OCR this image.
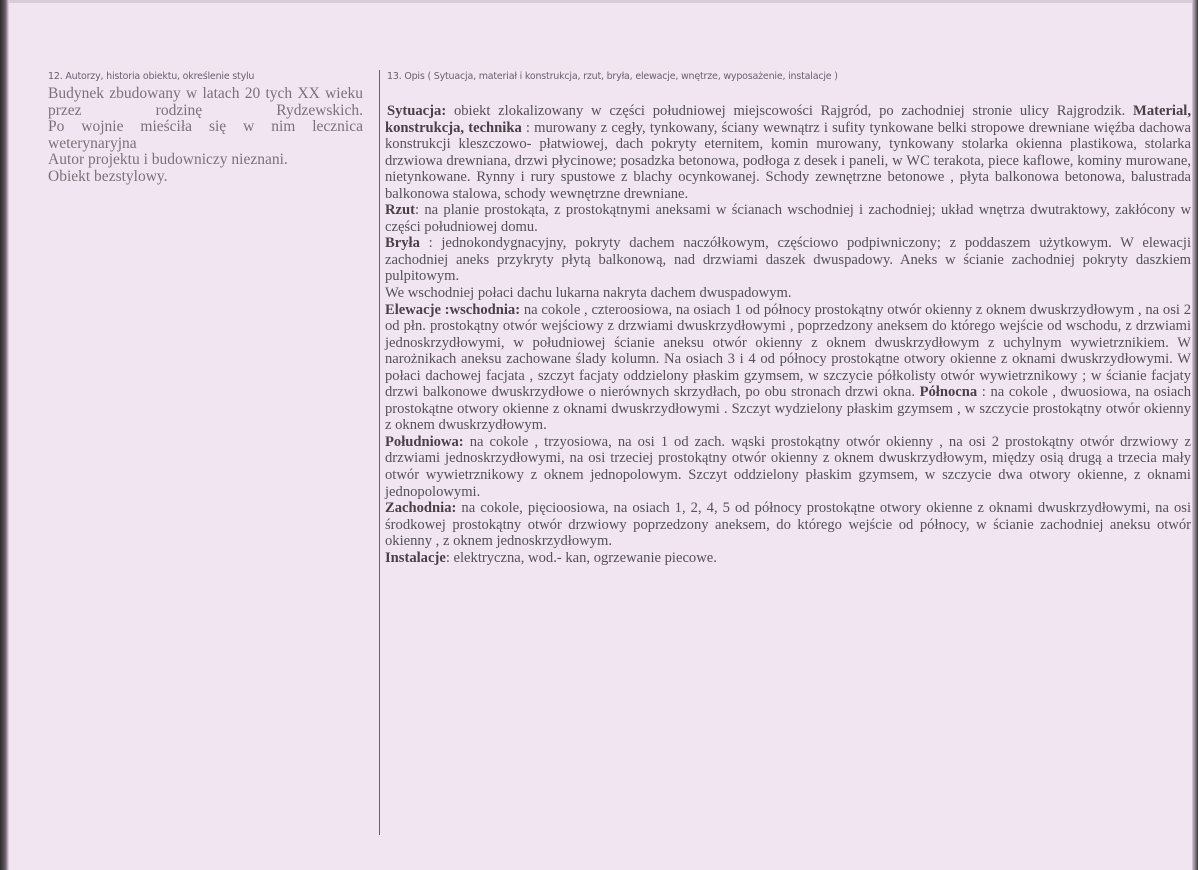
12. Autorzy, historia obiektu, określenie stylu

Budynek zbudowany w latach 20 tych XX wieku przez rodzinę Rydzewskich.

Po wojnie mieściła się w nim lecznica weterynaryjna

Autor projektu i budowniczy nieznani.

Obiekt bezstylowy.

13. Opis ( Sytuacja, materiał i konstrukcja, rzut, bryła, elewacje, wnętrze, wyposażenie, instalacje )

Sytuacja: obiekt zlokalizowany w części południowej miejscowości Rajgród, po zachodniej stronie ulicy Rajgrodzik. Material, konstrukcja, technika : murowany z cegły, tynkowany, ściany wewnątrz i sufity tynkowane belki stropowe drewniane więźba dachowa konstrukcji kleszczowo- płatwiowej, dach pokryty eternitem, komin murowany, tynkowany stolarka okienna plastikowa, stolarka drzwiowa drewniana, drzwi płycinowe; posadzka betonowa, podłoga z desek i paneli, w WC terakota, piece kaflowe, kominy murowane, nietynkowane. Rynny i rury spustowe z blachy ocynkowanej. Schody zewnętrzne betonowe , płyta balkonowa betonowa, balustrada balkonowa stalowa, schody wewnętrzne drewniane.

Rzut: na planie prostokąta, z prostokątnymi aneksami w ścianach wschodniej i zachodniej; układ wnętrza dwutraktowy, zakłócony w części południowej domu.

Bryła : jednokondygnacyjny, pokryty dachem naczółkowym, częściowo podpiwniczony; z poddaszem użytkowym. W elewacji zachodniej aneks przykryty płytą balkonową, nad drzwiami daszek dwuspadowy. Aneks w ścianie zachodniej pokryty daszkiem pulpitowym.

We wschodniej połaci dachu lukarna nakryta dachem dwuspadowym.

Elewacje :wschodnia: na cokole , czteroosiowa, na osiach 1 od północy prostokątny otwór okienny z oknem dwuskrzydłowym , na osi 2 od płn. prostokątny otwór wejściowy z drzwiami dwuskrzydłowymi , poprzedzony aneksem do którego wejście od wschodu, z drzwiami jednoskrzydłowymi, w południowej ścianie aneksu otwór okienny z oknem dwuskrzydłowym z uchylnym wywietrznikiem. W narożnikach aneksu zachowane ślady kolumn. Na osiach 3 i 4 od północy prostokątne otwory okienne z oknami dwuskrzydłowymi. W połaci dachowej facjata , szczyt facjaty oddzielony płaskim gzymsem, w szczycie półkolisty otwór wywietrznikowy ; w ścianie facjaty drzwi balkonowe dwuskrzydłowe o nierównych skrzydłach, po obu stronach drzwi okna. Północna : na cokole , dwuosiowa, na osiach prostokątne otwory okienne z oknami dwuskrzydłowymi . Szczyt wydzielony płaskim gzymsem , w szczycie prostokątny otwór okienny z oknem dwuskrzydłowym.

Południowa: na cokole , trzyosiowa, na osi 1 od zach. wąski prostokątny otwór okienny , na osi 2 prostokątny otwór drzwiowy z drzwiami jednoskrzydłowymi, na osi trzeciej prostokątny otwór okienny z oknem dwuskrzydłowym, między osią drugą a trzecia mały otwór wywietrznikowy z oknem jednopolowym. Szczyt oddzielony płaskim gzymsem, w szczycie dwa otwory okienne, z oknami jednopolowymi.

Zachodnia: na cokole, pięcioosiowa, na osiach 1, 2, 4, 5 od północy prostokątne otwory okienne z oknami dwuskrzydłowymi, na osi środkowej prostokątny otwór drzwiowy poprzedzony aneksem, do którego wejście od północy, w ścianie zachodniej aneksu otwór okienny , z oknem jednoskrzydłowym.

Instalacje: elektryczna, wod.- kan, ogrzewanie piecowe.
